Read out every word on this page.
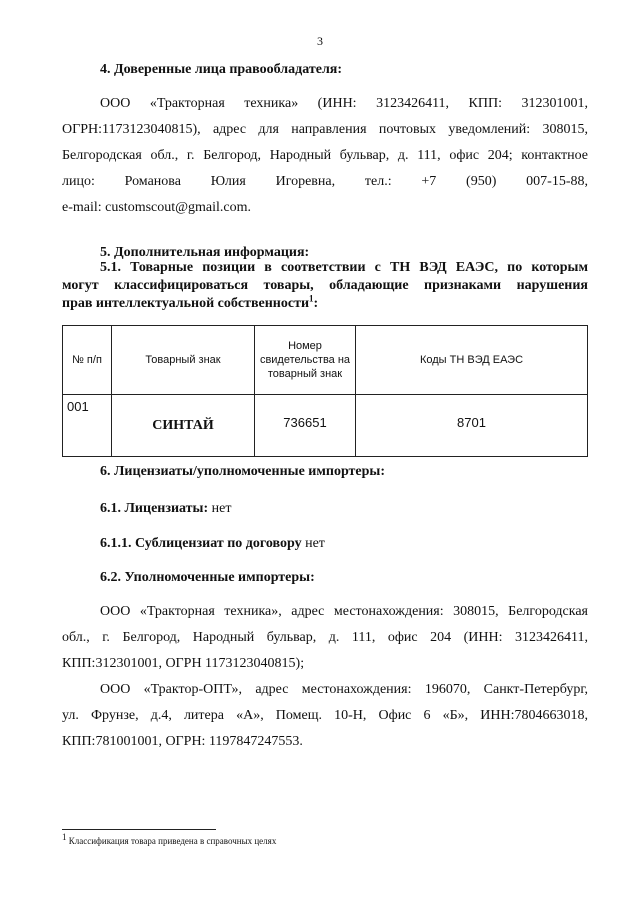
3
4. Доверенные лица правообладателя:
ООО «Тракторная техника» (ИНН: 3123426411, КПП: 312301001,
ОГРН:1173123040815), адрес для направления почтовых уведомлений: 308015,
Белгородская обл., г. Белгород, Народный бульвар, д. 111, офис 204; контактное
лицо: Романова Юлия Игоревна, тел.: +7 (950) 007-15-88,
e-mail: customscout@gmail.com.
5. Дополнительная информация:
5.1. Товарные позиции в соответствии с ТН ВЭД ЕАЭС, по которым
могут классифицироваться товары, обладающие признаками нарушения
прав интеллектуальной собственности$^1$:
№ п/п	Товарный знак	Номер свидетельства на товарный знак	Коды ТН ВЭД ЕАЭС
001	СИНТАЙ	736651	8701
6. Лицензиаты/уполномоченные импортеры:
6.1. Лицензиаты: нет
6.1.1. Сублицензиат по договору нет
6.2. Уполномоченные импортеры:
ООО «Тракторная техника», адрес местонахождения: 308015, Белгородская
обл., г. Белгород, Народный бульвар, д. 111, офис 204 (ИНН: 3123426411,
КПП:312301001, ОГРН 1173123040815);
ООО «Трактор-ОПТ», адрес местонахождения: 196070, Санкт-Петербург,
ул. Фрунзе, д.4, литера «А», Помещ. 10-Н, Офис 6 «Б», ИНН:7804663018,
КПП:781001001, ОГРН: 1197847247553.
$^1$ Классификация товара приведена в справочных целях
